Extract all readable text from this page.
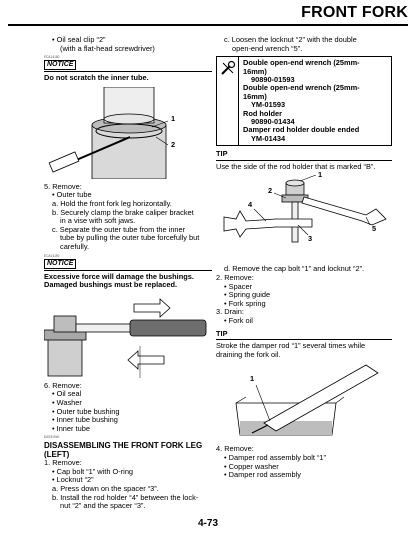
FRONT FORK
• Oil seal clip “2”
(with a flat-head screwdriver)
ECA14180
NOTICE
Do not scratch the inner tube.
1
2
5. Remove:
• Outer tube
a. Hold the front fork leg horizontally.
b. Securely clamp the brake caliper bracket
in a vise with soft jaws.
c. Separate the outer tube from the inner
tube by pulling the outer tube forcefully but
carefully.
ECA14190
NOTICE
Excessive force will damage the bushings.
Damaged bushings must be replaced.
6. Remove:
• Oil seal
• Washer
• Outer tube bushing
• Inner tube bushing
• Inner tube
EAS31940
DISASSEMBLING THE FRONT FORK LEG
(LEFT)
1. Remove:
• Cap bolt “1” with O-ring
• Locknut “2”
a. Press down on the spacer “3”.
b. Install the rod holder “4” between the lock-
nut “2” and the spacer “3”.
c. Loosen the locknut “2” with the double
open-end wrench “5”.
Double open-end wrench (25mm-
16mm)
90890-01593
Double open-end wrench (25mm-
16mm)
YM-01593
Rod holder
90890-01434
Damper rod holder double ended
YM-01434
TIP
Use the side of the rod holder that is marked “B”.
1
2
3
4
5
d. Remove the cap bolt “1” and locknut “2”.
2. Remove:
• Spacer
• Spring guide
• Fork spring
3. Drain:
• Fork oil
TIP
Stroke the damper rod “1” several times while
draining the fork oil.
1
4. Remove:
• Damper rod assembly bolt “1”
• Copper washer
• Damper rod assembly
4-73
